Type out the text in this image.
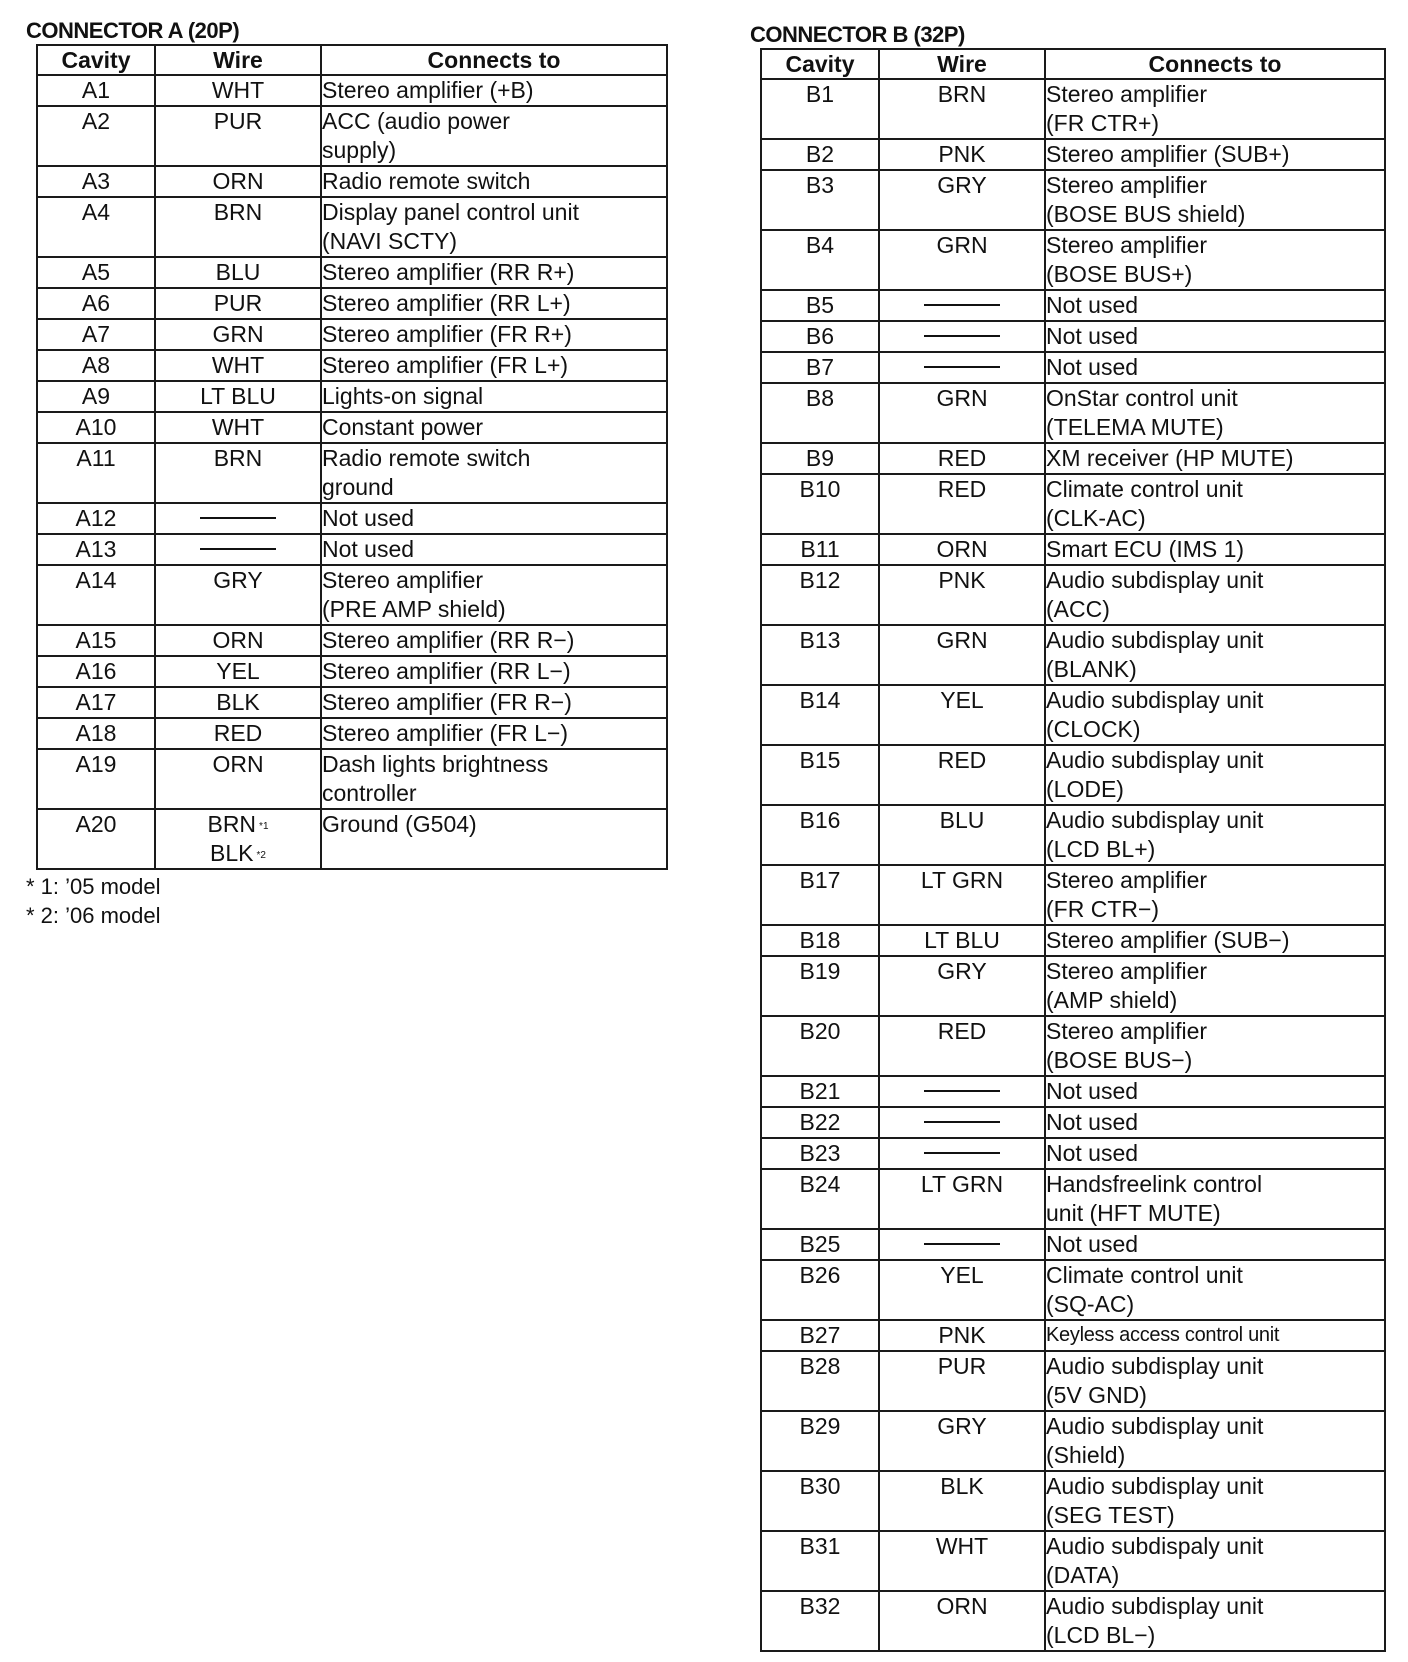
CONNECTOR A (20P)
Cavity	Wire	Connects to
A1	WHT	Stereo amplifier (+B)

A2	PUR	ACC (audio power
supply)

A3	ORN	Radio remote switch

A4	BRN	Display panel control unit
(NAVI SCTY)

A5	BLU	Stereo amplifier (RR R+)

A6	PUR	Stereo amplifier (RR L+)

A7	GRN	Stereo amplifier (FR R+)

A8	WHT	Stereo amplifier (FR L+)

A9	LT BLU	Lights-on signal

A10	WHT	Constant power

A11	BRN	Radio remote switch
ground

A12		Not used

A13		Not used

A14	GRY	Stereo amplifier
(PRE AMP shield)

A15	ORN	Stereo amplifier (RR R−)

A16	YEL	Stereo amplifier (RR L−)

A17	BLK	Stereo amplifier (FR R−)

A18	RED	Stereo amplifier (FR L−)

A19	ORN	Dash lights brightness
controller

A20	BRN $^{*1}$
BLK $^{*2}$	Ground (G504)
* 1: ’05 model
* 2: ’06 model
CONNECTOR B (32P)
Cavity	Wire	Connects to
B1	BRN	Stereo amplifier
(FR CTR+)

B2	PNK	Stereo amplifier (SUB+)

B3	GRY	Stereo amplifier
(BOSE BUS shield)

B4	GRN	Stereo amplifier
(BOSE BUS+)

B5		Not used

B6		Not used

B7		Not used

B8	GRN	OnStar control unit
(TELEMA MUTE)

B9	RED	XM receiver (HP MUTE)

B10	RED	Climate control unit
(CLK-AC)

B11	ORN	Smart ECU (IMS 1)

B12	PNK	Audio subdisplay unit
(ACC)

B13	GRN	Audio subdisplay unit
(BLANK)

B14	YEL	Audio subdisplay unit
(CLOCK)

B15	RED	Audio subdisplay unit
(LODE)

B16	BLU	Audio subdisplay unit
(LCD BL+)

B17	LT GRN	Stereo amplifier
(FR CTR−)

B18	LT BLU	Stereo amplifier (SUB−)

B19	GRY	Stereo amplifier
(AMP shield)

B20	RED	Stereo amplifier
(BOSE BUS−)

B21		Not used

B22		Not used

B23		Not used

B24	LT GRN	Handsfreelink control
unit (HFT MUTE)

B25		Not used

B26	YEL	Climate control unit
(SQ-AC)

B27	PNK	Keyless access control unit

B28	PUR	Audio subdisplay unit
(5V GND)

B29	GRY	Audio subdisplay unit
(Shield)

B30	BLK	Audio subdisplay unit
(SEG TEST)

B31	WHT	Audio subdispaly unit
(DATA)

B32	ORN	Audio subdisplay unit
(LCD BL−)
